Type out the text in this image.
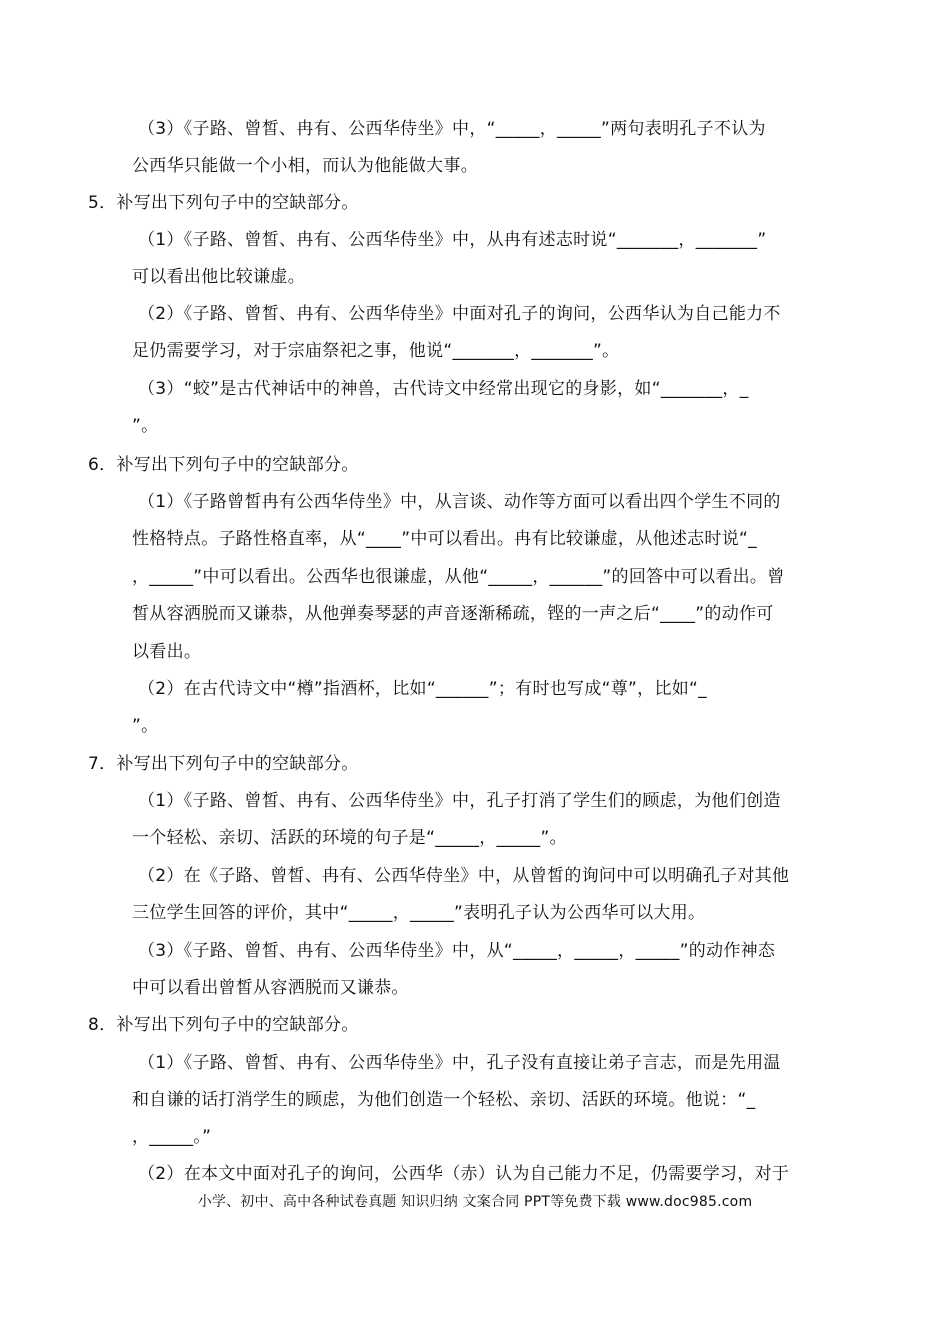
（3）《子路、曾皙、冉有、公西华侍坐》中，“_____，_____”两句表明孔子不认为
公西华只能做一个小相，而认为他能做大事。
5．补写出下列句子中的空缺部分。
（1）《子路、曾皙、冉有、公西华侍坐》中，从冉有述志时说“_______，_______”
可以看出他比较谦虚。
（2）《子路、曾皙、冉有、公西华侍坐》中面对孔子的询问，公西华认为自己能力不
足仍需要学习，对于宗庙祭祀之事，他说“_______，_______”。
（3）“蛟”是古代神话中的神兽，古代诗文中经常出现它的身影，如“_______，_
”。
6．补写出下列句子中的空缺部分。
（1）《子路曾皙冉有公西华侍坐》中，从言谈、动作等方面可以看出四个学生不同的
性格特点。子路性格直率，从“____”中可以看出。冉有比较谦虚，从他述志时说“_
，_____”中可以看出。公西华也很谦虚，从他“_____，______”的回答中可以看出。曾
皙从容洒脱而又谦恭，从他弹奏琴瑟的声音逐渐稀疏，铿的一声之后“____”的动作可
以看出。
（2）在古代诗文中“樽”指酒杯，比如“______”；有时也写成“尊”，比如“_
”。
7．补写出下列句子中的空缺部分。
（1）《子路、曾皙、冉有、公西华侍坐》中，孔子打消了学生们的顾虑，为他们创造
一个轻松、亲切、活跃的环境的句子是“_____，_____”。
（2）在《子路、曾皙、冉有、公西华侍坐》中，从曾皙的询问中可以明确孔子对其他
三位学生回答的评价，其中“_____，_____”表明孔子认为公西华可以大用。
（3）《子路、曾皙、冉有、公西华侍坐》中，从“_____，_____，_____”的动作神态
中可以看出曾皙从容洒脱而又谦恭。
8．补写出下列句子中的空缺部分。
（1）《子路、曾皙、冉有、公西华侍坐》中，孔子没有直接让弟子言志，而是先用温
和自谦的话打消学生的顾虑，为他们创造一个轻松、亲切、活跃的环境。他说：“_
，_____。”
（2）在本文中面对孔子的询问，公西华（赤）认为自己能力不足，仍需要学习，对于
小学、初中、高中各种试卷真题 知识归纳 文案合同 PPT等免费下载 www.doc985.com
